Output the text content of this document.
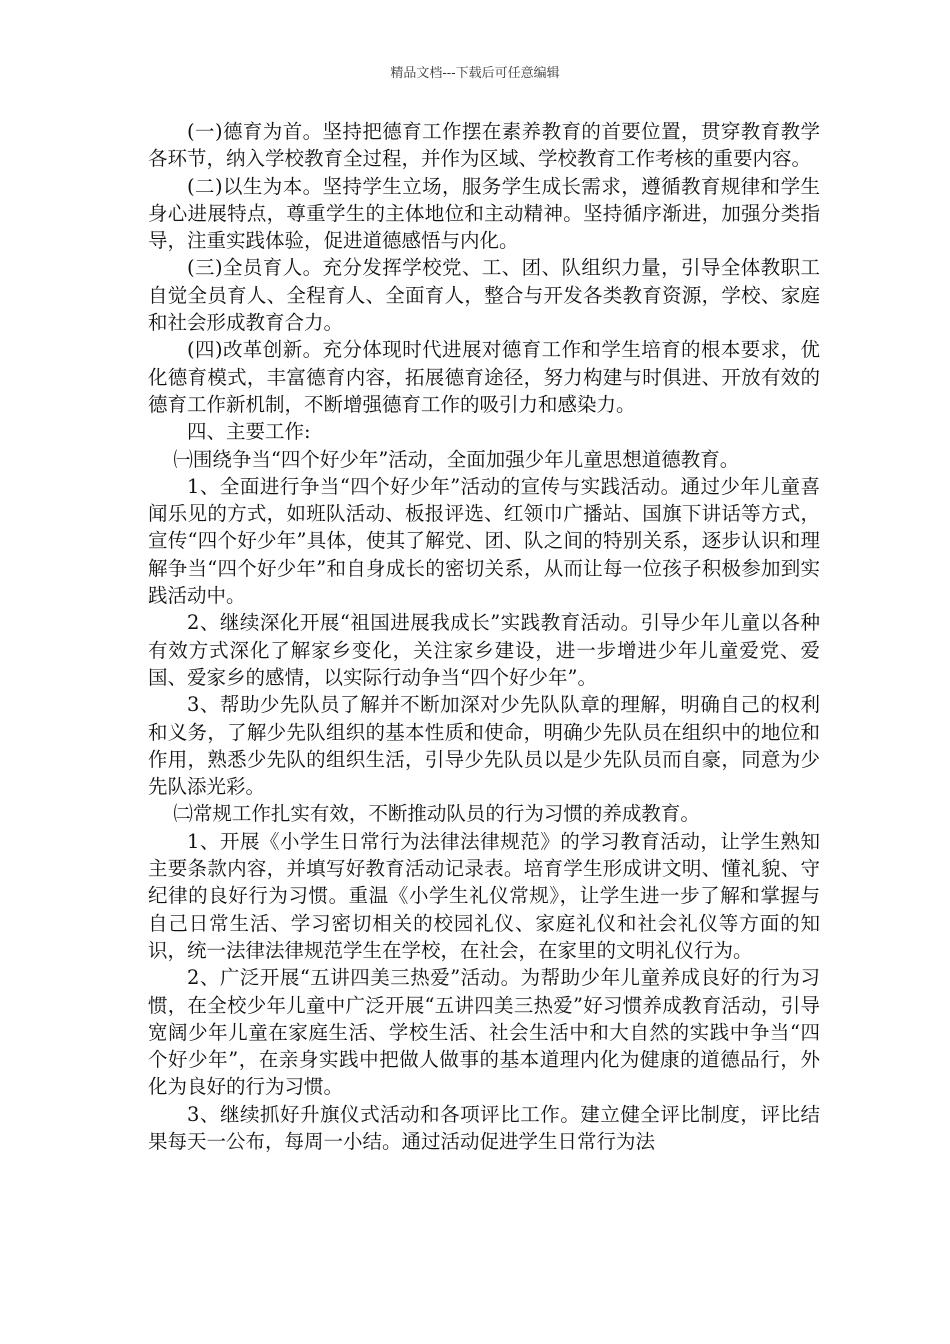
精品文档---下载后可任意编辑

(一)德育为首。坚持把德育工作摆在素养教育的首要位置，贯穿教育教学各环节，纳入学校教育全过程，并作为区域、学校教育工作考核的重要内容。

(二)以生为本。坚持学生立场，服务学生成长需求，遵循教育规律和学生身心进展特点，尊重学生的主体地位和主动精神。坚持循序渐进，加强分类指导，注重实践体验，促进道德感悟与内化。

(三)全员育人。充分发挥学校党、工、团、队组织力量，引导全体教职工自觉全员育人、全程育人、全面育人，整合与开发各类教育资源，学校、家庭和社会形成教育合力。

(四)改革创新。充分体现时代进展对德育工作和学生培育的根本要求，优化德育模式，丰富德育内容，拓展德育途径，努力构建与时俱进、开放有效的德育工作新机制，不断增强德育工作的吸引力和感染力。

四、主要工作:

㈠围绕争当“四个好少年”活动，全面加强少年儿童思想道德教育。

1、全面进行争当“四个好少年”活动的宣传与实践活动。通过少年儿童喜闻乐见的方式，如班队活动、板报评选、红领巾广播站、国旗下讲话等方式，宣传“四个好少年”具体，使其了解党、团、队之间的特别关系，逐步认识和理解争当“四个好少年”和自身成长的密切关系，从而让每一位孩子积极参加到实践活动中。

2、继续深化开展“祖国进展我成长”实践教育活动。引导少年儿童以各种有效方式深化了解家乡变化，关注家乡建设，进一步增进少年儿童爱党、爱国、爱家乡的感情，以实际行动争当“四个好少年”。

3、帮助少先队员了解并不断加深对少先队队章的理解，明确自己的权利和义务，了解少先队组织的基本性质和使命，明确少先队员在组织中的地位和作用，熟悉少先队的组织生活，引导少先队员以是少先队员而自豪，同意为少先队添光彩。

㈡常规工作扎实有效，不断推动队员的行为习惯的养成教育。

1、开展《小学生日常行为法律法律规范》的学习教育活动，让学生熟知主要条款内容，并填写好教育活动记录表。培育学生形成讲文明、懂礼貌、守纪律的良好行为习惯。重温《小学生礼仪常规》，让学生进一步了解和掌握与自己日常生活、学习密切相关的校园礼仪、家庭礼仪和社会礼仪等方面的知识，统一法律法律规范学生在学校，在社会，在家里的文明礼仪行为。

2、广泛开展“五讲四美三热爱”活动。为帮助少年儿童养成良好的行为习惯，在全校少年儿童中广泛开展“五讲四美三热爱”好习惯养成教育活动，引导宽阔少年儿童在家庭生活、学校生活、社会生活中和大自然的实践中争当“四个好少年”，在亲身实践中把做人做事的基本道理内化为健康的道德品行，外化为良好的行为习惯。

3、继续抓好升旗仪式活动和各项评比工作。建立健全评比制度，评比结果每天一公布，每周一小结。通过活动促进学生日常行为法
